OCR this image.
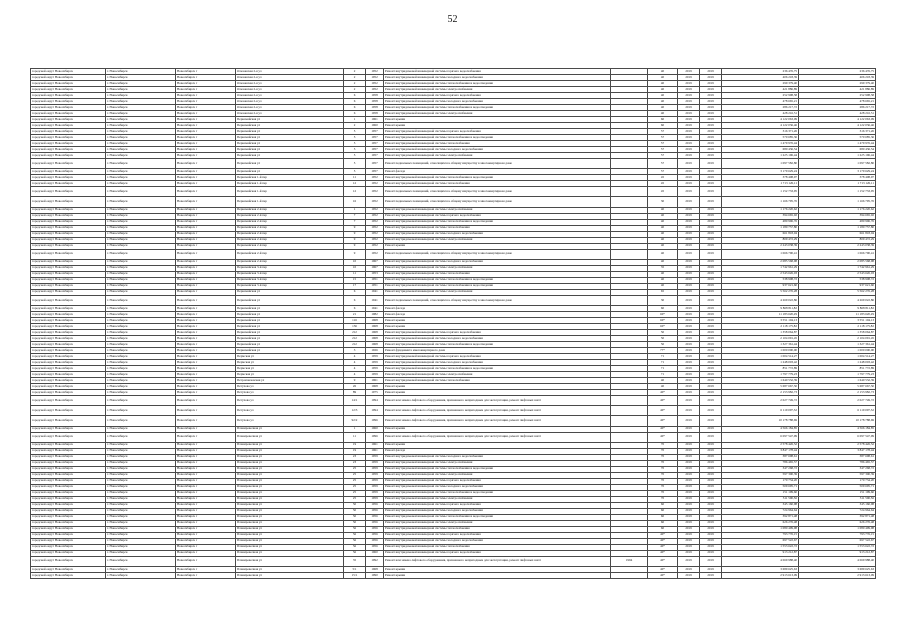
52
городской округ Новосибирск	г. Новосибирск	Новосибирск г	Ольховская 2-я ул	2	1952	Ремонт внутридомовой инженерной системы горячего водоснабжения		40	2019	2019	236 476,75	236 476,75
городской округ Новосибирск	г. Новосибирск	Новосибирск г	Ольховская 2-я ул	2	1952	Ремонт внутридомовой инженерной системы холодного водоснабжения		40	2019	2019	406 218,39	406 218,39
городской округ Новосибирск	г. Новосибирск	Новосибирск г	Ольховская 2-я ул	2	1952	Ремонт внутридомовой инженерной системы теплоснабжения и водоотведения		40	2019	2019	299 379,40	299 379,40
городской округ Новосибирск	г. Новосибирск	Новосибирск г	Ольховская 2-я ул	2	1952	Ремонт внутридомовой инженерной системы электроснабжения		40	2019	2019	421 886,89	421 886,89
городской округ Новосибирск	г. Новосибирск	Новосибирск г	Ольховская 2-я ул	6	1958	Ремонт внутридомовой инженерной системы горячего водоснабжения		40	2019	2019	252 998,58	252 998,58
городской округ Новосибирск	г. Новосибирск	Новосибирск г	Ольховская 2-я ул	6	1958	Ремонт внутридомовой инженерной системы холодного водоснабжения		40	2019	2019	478 665,21	478 665,21
городской округ Новосибирск	г. Новосибирск	Новосибирск г	Ольховская 2-я ул	6	1958	Ремонт внутридомовой инженерной системы теплоснабжения и водоотведения		40	2019	2019	286 217,72	286 217,72
городской округ Новосибирск	г. Новосибирск	Новосибирск г	Ольховская 2-я ул	6	1958	Ремонт внутридомовой инженерной системы электроснабжения		40	2019	2019	428 216,51	428 216,51
городской округ Новосибирск	г. Новосибирск	Новосибирск г	Первомайская ул	1	1961	Ремонт крыши		60	2019	2019	4 122 063,09	4 122 063,09
городской округ Новосибирск	г. Новосибирск	Новосибирск г	Первомайская ул	2	1960	Ремонт крыши		60	2019	2019	4 122 036,46	4 122 036,46
городской округ Новосибирск	г. Новосибирск	Новосибирск г	Первомайская ул	5	1957	Ремонт внутридомовой инженерной системы горячего водоснабжения		57	2019	2019	316 371,26	316 371,26
городской округ Новосибирск	г. Новосибирск	Новосибирск г	Первомайская ул	5	1957	Ремонт внутридомовой инженерной системы теплоснабжения и водоотведения		57	2019	2019	570 685,36	570 685,36
городской округ Новосибирск	г. Новосибирск	Новосибирск г	Первомайская ул	5	1957	Ремонт внутридомовой инженерной системы теплоснабжения		57	2019	2019	1 479 976,44	1 479 976,44
городской округ Новосибирск	г. Новосибирск	Новосибирск г	Первомайская ул	5	1957	Ремонт внутридомовой инженерной системы холодного водоснабжения		57	2019	2019	680 436,54	680 436,54
городской округ Новосибирск	г. Новосибирск	Новосибирск г	Первомайская ул	5	1957	Ремонт внутридомовой инженерной системы электроснабжения		57	2019	2019	1 225 196,44	1 225 196,44
городской округ Новосибирск	г. Новосибирск	Новосибирск г	Первомайская ул	5	1957	Ремонт подвальных помещений, относящихся к общему имуществу в многоквартирном доме		57	2019	2019	1 097 582,80	1 097 582,80
городской округ Новосибирск	г. Новосибирск	Новосибирск г	Первомайская ул	5	1957	Ремонт фасада		57	2019	2019	3 179 629,24	3 179 629,24
городской округ Новосибирск	г. Новосибирск	Новосибирск г	Первомайская 1-й пер	11	1952	Ремонт внутридомовой инженерной системы теплоснабжения и водоотведения		45	2019	2019	378 408,97	378 408,97
городской округ Новосибирск	г. Новосибирск	Новосибирск г	Первомайская 1-й пер	12	1952	Ремонт внутридомовой инженерной системы теплоснабжения		45	2019	2019	1 713 126,11	1 713 126,11
городской округ Новосибирск	г. Новосибирск	Новосибирск г	Первомайская 1-й пер	12	1952	Ремонт подвальных помещений, относящихся к общему имуществу в многоквартирном доме		45	2019	2019	1 152 733,95	1 152 733,95
городской округ Новосибирск	г. Новосибирск	Новосибирск г	Первомайская 1-й пер	16	1952	Ремонт подвальных помещений, относящихся к общему имуществу в многоквартирном доме		30	2019	2019	1 166 795,76	1 166 795,76
городской округ Новосибирск	г. Новосибирск	Новосибирск г	Первомайская 2-й пер	1	1952	Ремонт внутридомовой инженерной системы электроснабжения		40	2019	2019	1 176 220,62	1 176 220,62
городской округ Новосибирск	г. Новосибирск	Новосибирск г	Первомайская 2-й пер	7	1952	Ремонт внутридомовой инженерной системы горячего водоснабжения		40	2019	2019	394 665,02	394 665,02
городской округ Новосибирск	г. Новосибирск	Новосибирск г	Первомайская 2-й пер	7	1952	Ремонт внутридомовой инженерной системы теплоснабжения и водоотведения		40	2019	2019	480 996,76	480 996,76
городской округ Новосибирск	г. Новосибирск	Новосибирск г	Первомайская 2-й пер	9	1952	Ремонт внутридомовой инженерной системы теплоснабжения		40	2019	2019	1 180 757,80	1 180 757,80
городской округ Новосибирск	г. Новосибирск	Новосибирск г	Первомайская 2-й пер	9	1952	Ремонт внутридомовой инженерной системы холодного водоснабжения		40	2019	2019	661 818,04	661 818,04
городской округ Новосибирск	г. Новосибирск	Новосибирск г	Первомайская 2-й пер	9	1952	Ремонт внутридомовой инженерной системы электроснабжения		40	2019	2019	809 472,29	809 472,29
городской округ Новосибирск	г. Новосибирск	Новосибирск г	Первомайская 2-й пер	9	1952	Ремонт крыши		40	2019	2019	2 243 038,39	2 243 038,39
городской округ Новосибирск	г. Новосибирск	Новосибирск г	Первомайская 2-й пер	9	1952	Ремонт подвальных помещений, относящихся к общему имуществу в многоквартирном доме		40	2019	2019	1 066 790,41	1 066 790,41
городской округ Новосибирск	г. Новосибирск	Новосибирск г	Первомайская 2-й пер	10	1967	Ремонт внутридомовой инженерной системы холодного водоснабжения		40	2019	2019	2 085 568,98	2 085 568,98
городской округ Новосибирск	г. Новосибирск	Новосибирск г	Первомайская 3-й пер	10	1967	Ремонт внутридомовой инженерной системы электроснабжения		35	2019	2019	1 742 961,29	1 742 961,29
городской округ Новосибирск	г. Новосибирск	Новосибирск г	Первомайская 3-й пер	11	1953	Ремонт внутридомовой инженерной системы теплоснабжения		40	2019	2019	2 543 626,03	2 543 626,03
городской округ Новосибирск	г. Новосибирск	Новосибирск г	Первомайская 3-й пер	15	1951	Ремонт внутридомовой инженерной системы теплоснабжения и водоотведения		40	2019	2019	538 908,72	538 908,72
городской округ Новосибирск	г. Новосибирск	Новосибирск г	Первомайская 3-й пер	17	1951	Ремонт внутридомовой инженерной системы теплоснабжения и водоотведения		40	2019	2019	937 621,60	937 621,60
городской округ Новосибирск	г. Новосибирск	Новосибирск г	Первомайская ул	6	1941	Ремонт внутридомовой инженерной системы электроснабжения		65	2019	2019	5 562 276,28	5 562 276,28
городской округ Новосибирск	г. Новосибирск	Новосибирск г	Первомайская ул	6	1941	Ремонт подвальных помещений, относящихся к общему имуществу в многоквартирном доме		30	2019	2019	4 269 022,86	4 269 022,86
городской округ Новосибирск	г. Новосибирск	Новосибирск г	Первомайская ул	6	1941	Ремонт фасада		60	2019	2019	9 868 811,82	9 868 811,82
городской округ Новосибирск	г. Новосибирск	Новосибирск г	Первомайская ул	21	1982	Ремонт фасада		60*	2019	2019	11 183 620,29	11 183 620,29
городской округ Новосибирск	г. Новосибирск	Новосибирск г	Первомайская ул	116	1968	Ремонт крыши		60*	2019	2019	3 551 104,13	3 551 104,13
городской округ Новосибирск	г. Новосибирск	Новосибирск г	Первомайская ул	136	1968	Ремонт крыши		60*	2019	2019	2 118 175,82	2 118 175,82
городской округ Новосибирск	г. Новосибирск	Новосибирск г	Первомайская ул	212	1968	Ремонт внутридомовой инженерной системы горячего водоснабжения		50	2019	2019	1 358 064,87	1 358 064,87
городской округ Новосибирск	г. Новосибирск	Новосибирск г	Первомайская ул	212	1968	Ремонт внутридомовой инженерной системы холодного водоснабжения		50	2019	2019	2 104 091,45	2 104 091,45
городской округ Новосибирск	г. Новосибирск	Новосибирск г	Первомайская ул	212	1968	Ремонт внутридомовой инженерной системы теплоснабжения и водоотведения		50	2019	2019	1 327 361,44	1 327 361,44
городской округ Новосибирск	г. Новосибирск	Новосибирск г	Первомайская ул	3	1926	Ремонт фундамента многоквартирного дома		77*	2019	2019	1 000 000,00	1 000 000,00
городской округ Новосибирск	г. Новосибирск	Новосибирск г	Пермская ул	4	1959	Ремонт внутридомовой инженерной системы горячего водоснабжения		71	2019	2019	1 004 514,27	1 004 514,27
городской округ Новосибирск	г. Новосибирск	Новосибирск г	Пермская ул	4	1959	Ремонт внутридомовой инженерной системы холодного водоснабжения		71	2019	2019	1 248 003,42	1 248 003,42
городской округ Новосибирск	г. Новосибирск	Новосибирск г	Пермская ул	4	1959	Ремонт внутридомовой инженерной системы теплоснабжения и водоотведения		71	2019	2019	851 772,89	851 772,89
городской округ Новосибирск	г. Новосибирск	Новосибирск г	Пермская ул	4	1959	Ремонт внутридомовой инженерной системы электроснабжения		71	2019	2019	1 797 779,23	1 797 779,23
городской округ Новосибирск	г. Новосибирск	Новосибирск г	Петропавловская ул	9	1961	Ремонт внутридомовой инженерной системы теплоснабжения		40	2019	2019	1 640 532,39	1 640 532,39
городской округ Новосибирск	г. Новосибирск	Новосибирск г	Петухова ул	26	1968	Ремонт крыши		40	2019	2019	5 687 667,50	5 687 667,50
городской округ Новосибирск	г. Новосибирск	Новосибирск г	Петухова ул	89	1975	Ремонт крыши		40*	2019	2019	2 153 982,73	2 153 982,73
городской округ Новосибирск	г. Новосибирск	Новосибирск г	Петухова ул	14/1	1994	Ремонт или замена лифтового оборудования, признанного непригодным для эксплуатации, ремонт лифтовых шахт		40*	2019	2019	2 027 749,72	2 027 749,72
городской округ Новосибирск	г. Новосибирск	Новосибирск г	Петухова ул	12/3	1994	Ремонт или замена лифтового оборудования, признанного непригодным для эксплуатации, ремонт лифтовых шахт		40*	2019	2019	6 119 097,32	6 119 097,32
городской округ Новосибирск	г. Новосибирск	Новосибирск г	Петухова ул	92/2	1996	Ремонт или замена лифтового оборудования, признанного непригодным для эксплуатации, ремонт лифтовых шахт		40*	2019	2019	10 178 788,69	10 178 788,69
городской округ Новосибирск	г. Новосибирск	Новосибирск г	Планировочная ул	1	1960	Ремонт крыши		40*	2019	2019	4 566 184,85	4 566 184,85
городской округ Новосибирск	г. Новосибирск	Новосибирск г	Планировочная ул	11	1996	Ремонт или замена лифтового оборудования, признанного непригодным для эксплуатации, ремонт лифтовых шахт		40*	2019	2019	6 097 547,99	6 097 547,99
городской округ Новосибирск	г. Новосибирск	Новосибирск г	Планировочная ул	19	1961	Ремонт крыши		70	2019	2019	2 578 426,52	2 578 426,52
городской округ Новосибирск	г. Новосибирск	Новосибирск г	Планировочная ул	19	1961	Ремонт фасада		70	2019	2019	3 847 178,44	3 847 178,44
городской округ Новосибирск	г. Новосибирск	Новосибирск г	Планировочная ул	23	1959	Ремонт внутридомовой инженерной системы холодного водоснабжения		70	2019	2019	387 698,61	387 698,61
городской округ Новосибирск	г. Новосибирск	Новосибирск г	Планировочная ул	23	1959	Ремонт внутридомовой инженерной системы электроснабжения		70	2019	2019	786 465,57	786 465,57
городской округ Новосибирск	г. Новосибирск	Новосибирск г	Планировочная ул	25	1959	Ремонт внутридомовой инженерной системы теплоснабжения и водоотведения		70	2019	2019	347 268,72	347 268,72
городской округ Новосибирск	г. Новосибирск	Новосибирск г	Планировочная ул	25	1959	Ремонт внутридомовой инженерной системы электроснабжения		70	2019	2019	597 300,39	597 300,39
городской округ Новосибирск	г. Новосибирск	Новосибирск г	Планировочная ул	25	1959	Ремонт внутридомовой инженерной системы горячего водоснабжения		70	2019	2019	170 734,20	170 734,20
городской округ Новосибирск	г. Новосибирск	Новосибирск г	Планировочная ул	25	1959	Ремонт внутридомовой инженерной системы холодного водоснабжения		70	2019	2019	509 695,71	509 695,71
городской округ Новосибирск	г. Новосибирск	Новосибирск г	Планировочная ул	25	1959	Ремонт внутридомовой инженерной системы теплоснабжения и водоотведения		70	2019	2019	151 199,60	151 199,60
городской округ Новосибирск	г. Новосибирск	Новосибирск г	Планировочная ул	25	1959	Ремонт внутридомовой инженерной системы электроснабжения		70	2019	2019	311 590,56	311 590,56
городской округ Новосибирск	г. Новосибирск	Новосибирск г	Планировочная ул	50	1956	Ремонт внутридомовой инженерной системы горячего водоснабжения		60	2019	2019	345 160,98	345 160,98
городской округ Новосибирск	г. Новосибирск	Новосибирск г	Планировочная ул	50	1956	Ремонт внутридомовой инженерной системы холодного водоснабжения		60	2019	2019	724 964,64	724 964,64
городской округ Новосибирск	г. Новосибирск	Новосибирск г	Планировочная ул	50	1956	Ремонт внутридомовой инженерной системы теплоснабжения и водоотведения		60	2019	2019	392 871,48	392 871,48
городской округ Новосибирск	г. Новосибирск	Новосибирск г	Планировочная ул	50	1956	Ремонт внутридомовой инженерной системы электроснабжения		60	2019	2019	626 276,48	626 276,48
городской округ Новосибирск	г. Новосибирск	Новосибирск г	Планировочная ул	56	1956	Ремонт внутридомовой инженерной системы теплоснабжения		60	2019	2019	1 080 499,98	1 080 499,98
городской округ Новосибирск	г. Новосибирск	Новосибирск г	Планировочная ул	56	1956	Ремонт внутридомовой инженерной системы горячего водоснабжения		40*	2019	2019	793 776,15	793 776,15
городской округ Новосибирск	г. Новосибирск	Новосибирск г	Планировочная ул	56	1956	Ремонт внутридомовой инженерной системы холодного водоснабжения		40*	2019	2019	697 522,67	697 522,67
городской округ Новосибирск	г. Новосибирск	Новосибирск г	Планировочная ул	56	1956	Ремонт внутридомовой инженерной системы теплоснабжения		40*	2019	2019	1 553 622,72	1 553 622,72
городской округ Новосибирск	г. Новосибирск	Новосибирск г	Планировочная ул	56	1960	Ремонт внутридомовой инженерной системы горячего водоснабжения		40*	2019	2019	913 212,87	913 212,87
городской округ Новосибирск	г. Новосибирск	Новосибирск г	Планировочная ул	35	1992	Ремонт или замена лифтового оборудования, признанного непригодным для эксплуатации, ремонт лифтовых шахт	1994	40*	2019	2019	4 069 988,40	4 069 988,40
городской округ Новосибирск	г. Новосибирск	Новосибирск г	Планировочная ул	5/1	1968	Ремонт крыши		40*	2019	2019	3 689 625,63	3 689 625,63
городской округ Новосибирск	г. Новосибирск	Новосибирск г	Планировочная ул	15/1	1990	Ремонт крыши		40*	2019	2019	2 913 613,09	2 913 613,09
